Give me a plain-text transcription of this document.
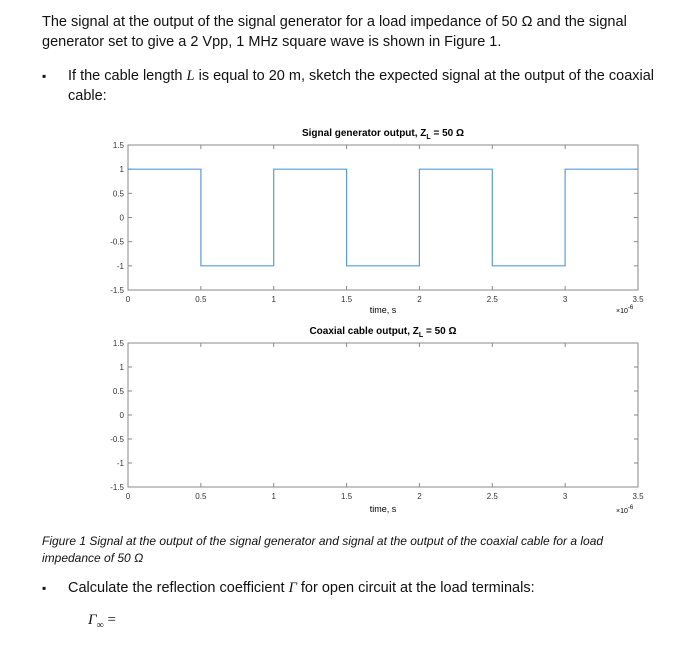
The signal at the output of the signal generator for a load impedance of 50 Ω and the signal generator set to give a 2 Vpp, 1 MHz square wave is shown in Figure 1.
▪ If the cable length L is equal to 20 m, sketch the expected signal at the output of the coaxial cable:
Signal generator output, $Z_L = 50$ Ω
1.5
1
0.5
0
-0.5
-1
-1.5
0	0.5	1	1.5	2	2.5	3	3.5
time, s	×10-6
Coaxial cable output, $Z_L = 50$ Ω
1.5
1
0.5
0
-0.5
-1
-1.5
0	0.5	1	1.5	2	2.5	3	3.5
time, s	×10-6
Figure 1 Signal at the output of the signal generator and signal at the output of the coaxial cable for a load impedance of 50 Ω
▪ Calculate the reflection coefficient Γ for open circuit at the load terminals:
$\Gamma_\infty$ =
